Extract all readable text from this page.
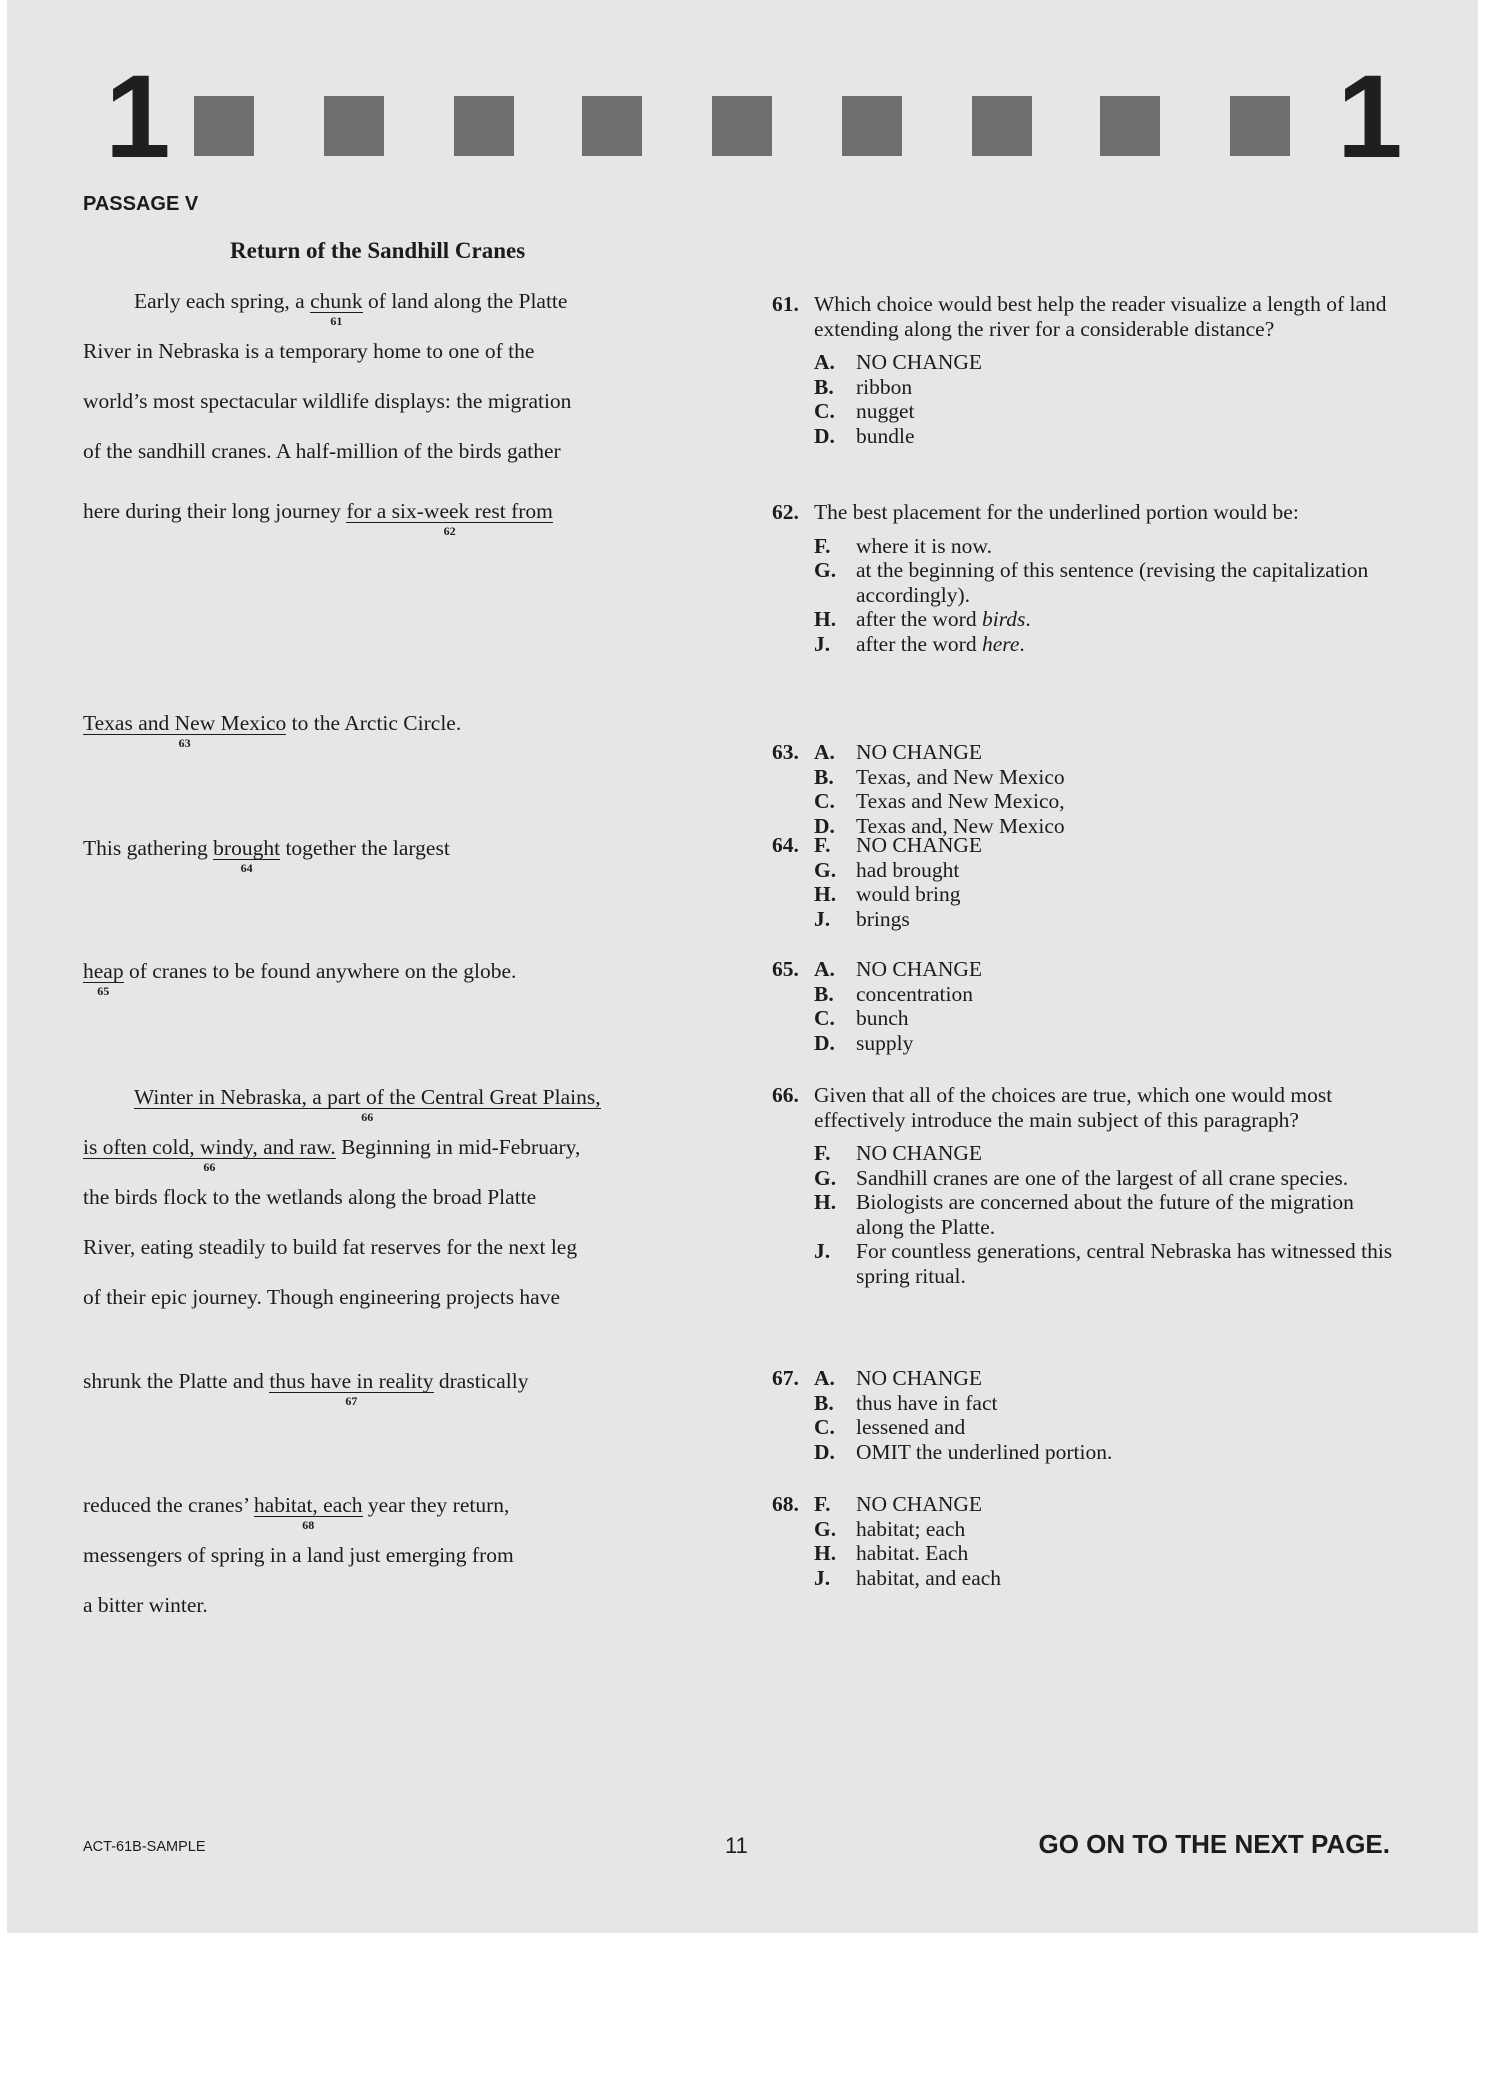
1	1
PASSAGE V
Return of the Sandhill Cranes
Early each spring, a chunk
61
of land along the Platte
River in Nebraska is a temporary home to one of the
world’s most spectacular wildlife displays: the migration
of the sandhill cranes. A half-million of the birds gather
here during their long journey for a six-week rest from
62
Texas and New Mexico
63
to the Arctic Circle.
This gathering brought
64
together the largest
heap
65
of cranes to be found anywhere on the globe.
Winter in Nebraska, a part of the Central Great Plains,
66
is often cold, windy, and raw.
66
Beginning in mid-February,
the birds flock to the wetlands along the broad Platte
River, eating steadily to build fat reserves for the next leg
of their epic journey. Though engineering projects have
shrunk the Platte and thus have in reality
67
drastically
reduced the cranes’ habitat, each
68
year they return,
messengers of spring in a land just emerging from
a bitter winter.
61. Which choice would best help the reader visualize a length of land extending along the river for a considerable distance?
A. NO CHANGE
B.	ribbon
C. nugget
D. bundle
62. The best placement for the underlined portion would be:
F.	where it is now.
G. at the beginning of this sentence (revising the capitalization accordingly).
H. after the word birds.
J.	after the word here.
63. A. NO CHANGE
B.	Texas, and New Mexico
C. Texas and New Mexico,
D. Texas and, New Mexico
64. F.	NO CHANGE
G. had brought
H. would bring
J.	brings
65. A. NO CHANGE
B.	concentration
C. bunch
D. supply
66. Given that all of the choices are true, which one would most effectively introduce the main subject of this paragraph?
F.	NO CHANGE
G. Sandhill cranes are one of the largest of all crane species.
H. Biologists are concerned about the future of the migration along the Platte.
J.	For countless generations, central Nebraska has witnessed this spring ritual.
67. A. NO CHANGE
B.	thus have in fact
C. lessened and
D. OMIT the underlined portion.
68. F.	NO CHANGE
G. habitat; each
H. habitat. Each
J.	habitat, and each
ACT-61B-SAMPLE	11	GO ON TO THE NEXT PAGE.
